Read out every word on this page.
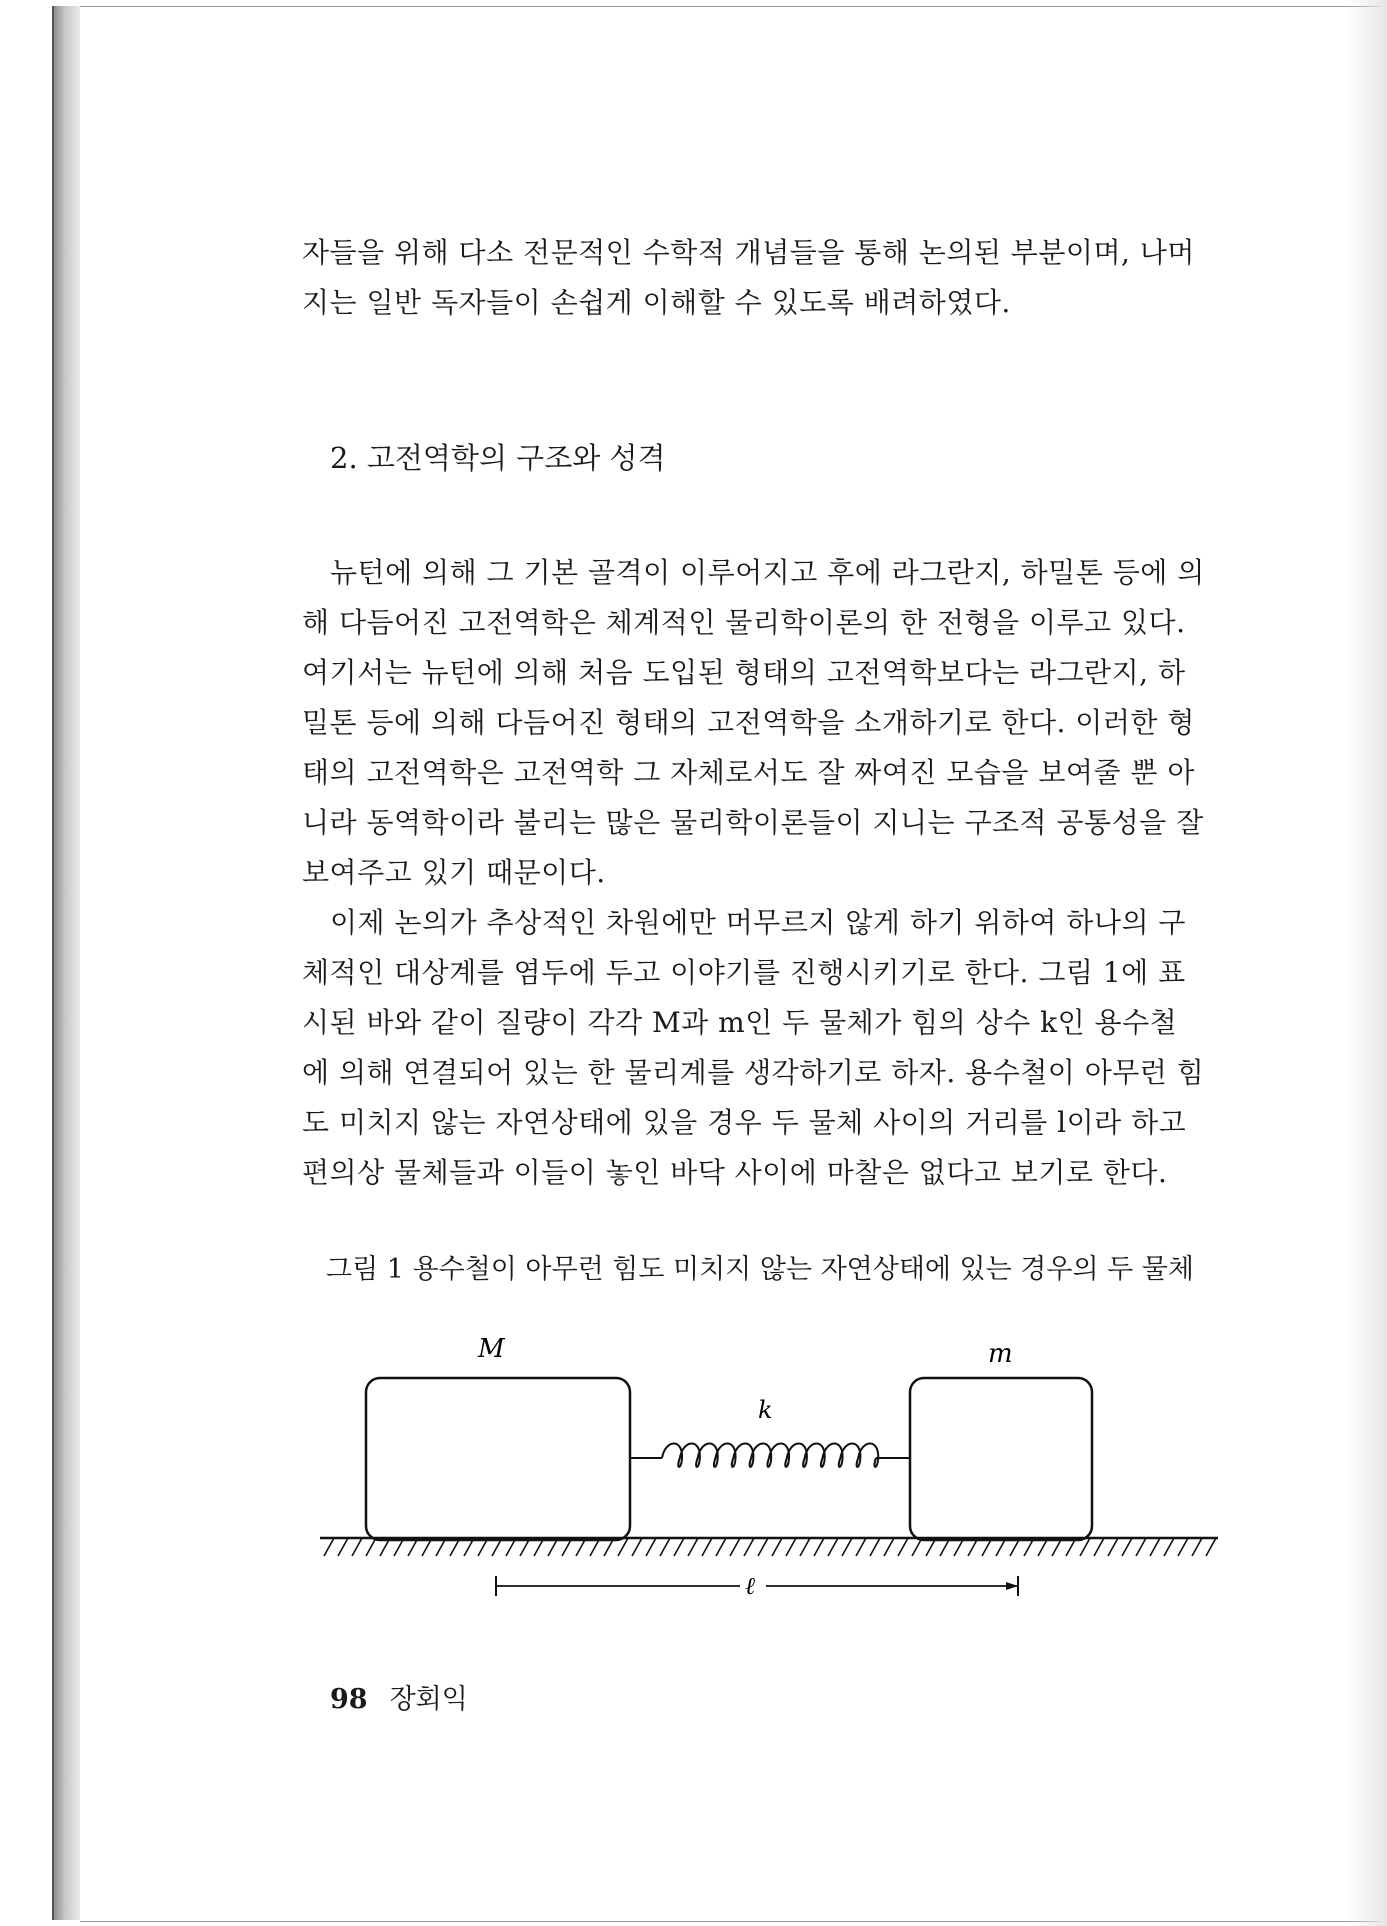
자들을 위해 다소 전문적인 수학적 개념들을 통해 논의된 부분이며, 나머
지는 일반 독자들이 손쉽게 이해할 수 있도록 배려하였다.
2. 고전역학의 구조와 성격
뉴턴에 의해 그 기본 골격이 이루어지고 후에 라그란지, 하밀톤 등에 의
해 다듬어진 고전역학은 체계적인 물리학이론의 한 전형을 이루고 있다.
여기서는 뉴턴에 의해 처음 도입된 형태의 고전역학보다는 라그란지, 하
밀톤 등에 의해 다듬어진 형태의 고전역학을 소개하기로 한다. 이러한 형
태의 고전역학은 고전역학 그 자체로서도 잘 짜여진 모습을 보여줄 뿐 아
니라 동역학이라 불리는 많은 물리학이론들이 지니는 구조적 공통성을 잘
보여주고 있기 때문이다.
이제 논의가 추상적인 차원에만 머무르지 않게 하기 위하여 하나의 구
체적인 대상계를 염두에 두고 이야기를 진행시키기로 한다. 그림 1에 표
시된 바와 같이 질량이 각각 M과 m인 두 물체가 힘의 상수 k인 용수철
에 의해 연결되어 있는 한 물리계를 생각하기로 하자. 용수철이 아무런 힘
도 미치지 않는 자연상태에 있을 경우 두 물체 사이의 거리를 l이라 하고
편의상 물체들과 이들이 놓인 바닥 사이에 마찰은 없다고 보기로 한다.
그림 1 용수철이 아무런 힘도 미치지 않는 자연상태에 있는 경우의 두 물체
M	m
k
ℓ
98 장회익
